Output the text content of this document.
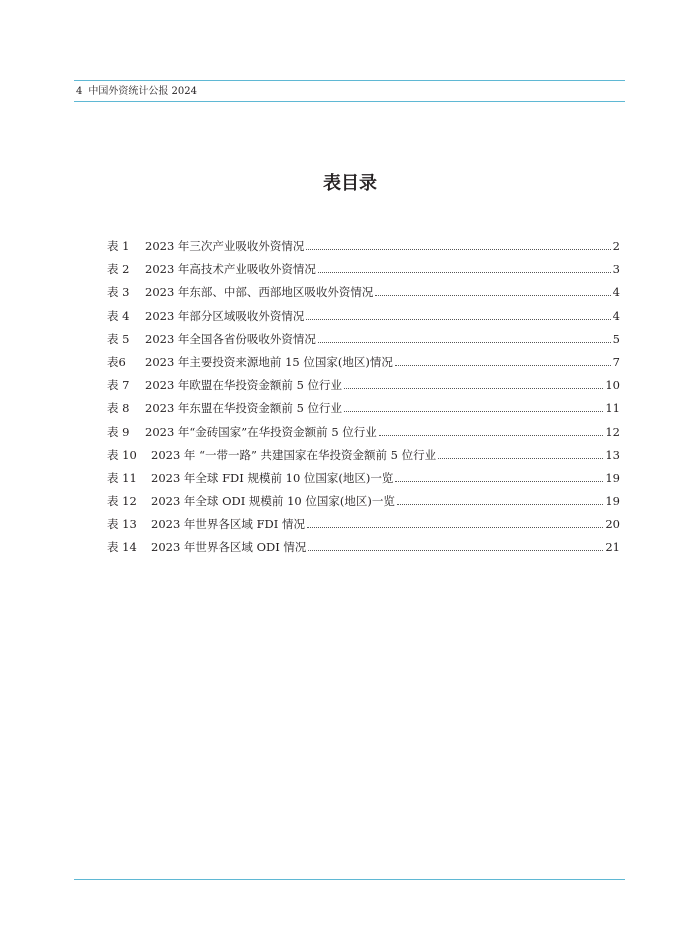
4 中国外资统计公报 2024
表目录
表 1	2023 年三次产业吸收外资情况	2
表 2	2023 年高技术产业吸收外资情况	3
表 3	2023 年东部、中部、西部地区吸收外资情况	4
表 4	2023 年部分区域吸收外资情况	4
表 5	2023 年全国各省份吸收外资情况	5
表6	2023 年主要投资来源地前 15 位国家(地区)情况	7
表 7	2023 年欧盟在华投资金额前 5 位行业	10
表 8	2023 年东盟在华投资金额前 5 位行业	11
表 9	2023 年“金砖国家”在华投资金额前 5 位行业	12
表 10	2023 年 “一带一路” 共建国家在华投资金额前 5 位行业	13
表 11	2023 年全球 FDI 规模前 10 位国家(地区)一览	19
表 12	2023 年全球 ODI 规模前 10 位国家(地区)一览	19
表 13	2023 年世界各区域 FDI 情况	20
表 14	2023 年世界各区域 ODI 情况	21
